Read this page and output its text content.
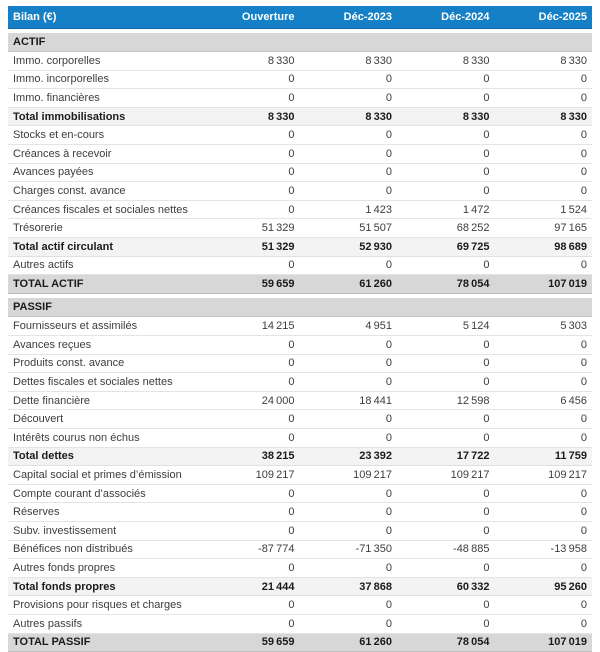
Bilan (€)	Ouverture	Déc-2023	Déc-2024	Déc-2025

ACTIF				
Immo. corporelles	8 330	8 330	8 330	8 330
Immo. incorporelles	0	0	0	0
Immo. financières	0	0	0	0
Total immobilisations	8 330	8 330	8 330	8 330
Stocks et en-cours	0	0	0	0
Créances à recevoir	0	0	0	0
Avances payées	0	0	0	0
Charges const. avance	0	0	0	0
Créances fiscales et sociales nettes	0	1 423	1 472	1 524
Trésorerie	51 329	51 507	68 252	97 165
Total actif circulant	51 329	52 930	69 725	98 689
Autres actifs	0	0	0	0
TOTAL ACTIF	59 659	61 260	78 054	107 019

PASSIF				
Fournisseurs et assimilés	14 215	4 951	5 124	5 303
Avances reçues	0	0	0	0
Produits const. avance	0	0	0	0
Dettes fiscales et sociales nettes	0	0	0	0
Dette financière	24 000	18 441	12 598	6 456
Découvert	0	0	0	0
Intérêts courus non échus	0	0	0	0
Total dettes	38 215	23 392	17 722	11 759
Capital social et primes d’émission	109 217	109 217	109 217	109 217
Compte courant d’associés	0	0	0	0
Réserves	0	0	0	0
Subv. investissement	0	0	0	0
Bénéfices non distribués	-87 774	-71 350	-48 885	-13 958
Autres fonds propres	0	0	0	0
Total fonds propres	21 444	37 868	60 332	95 260
Provisions pour risques et charges	0	0	0	0
Autres passifs	0	0	0	0
TOTAL PASSIF	59 659	61 260	78 054	107 019
